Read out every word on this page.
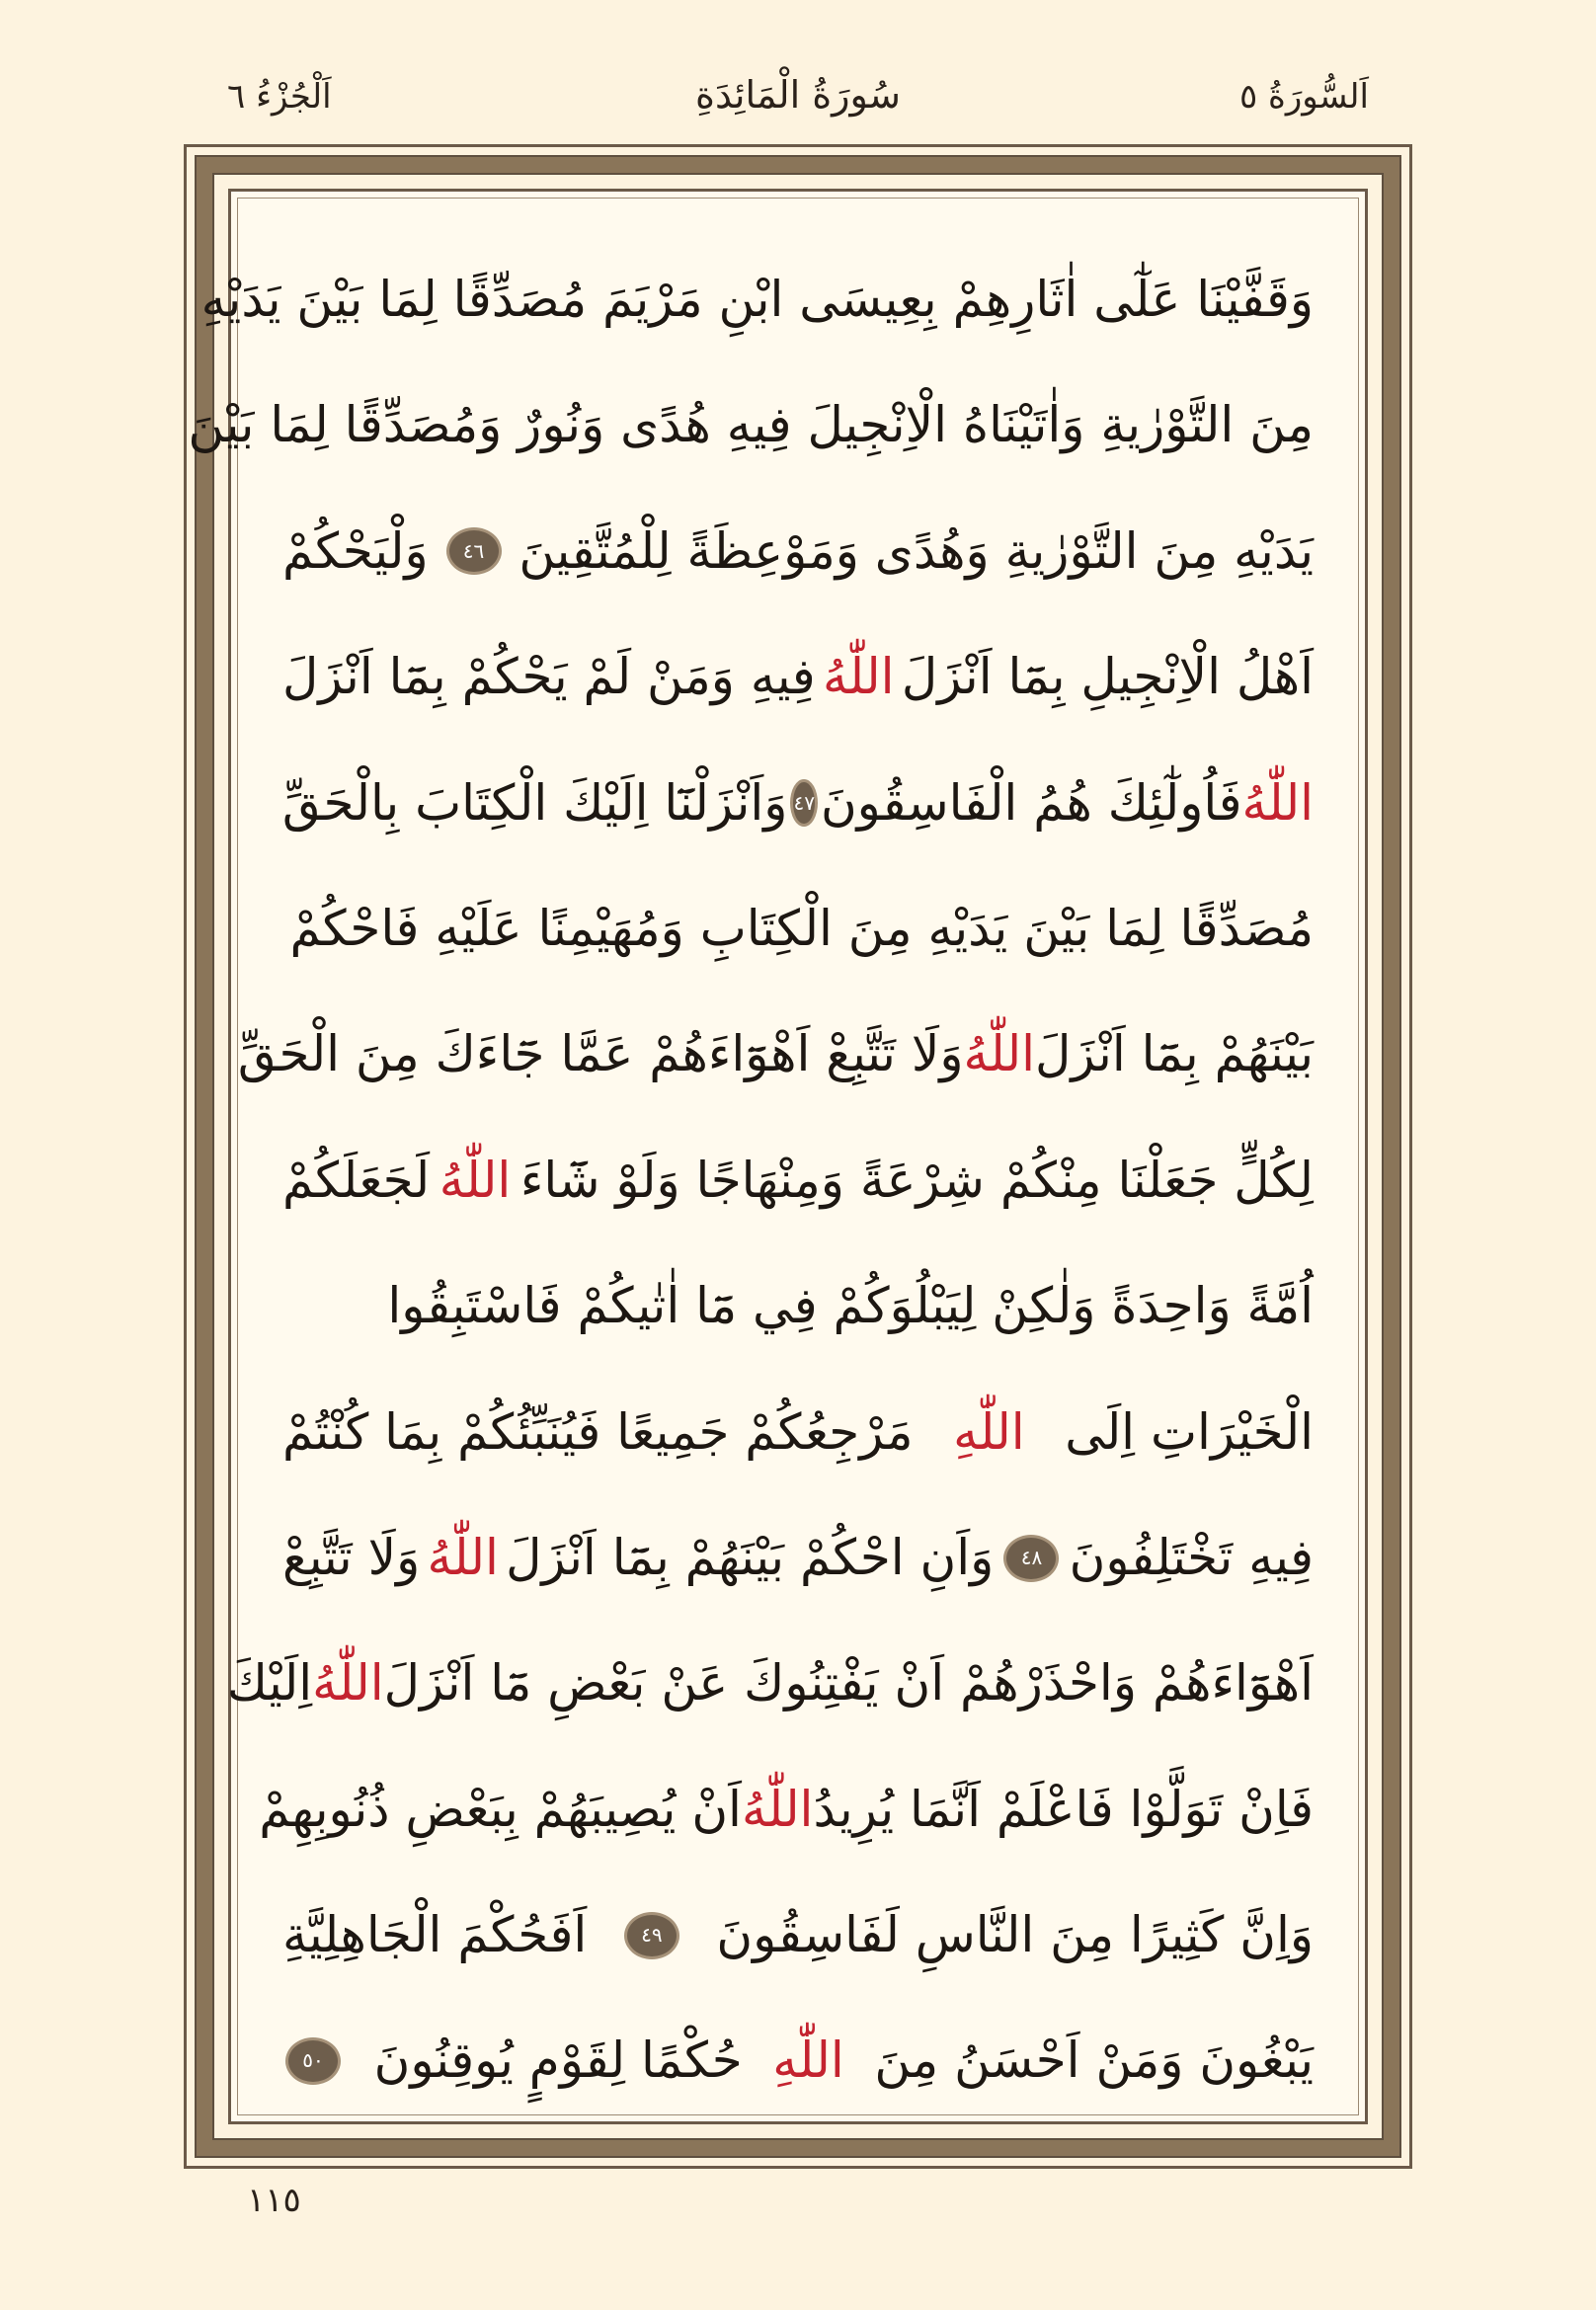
اَلسُّورَةُ ٥
سُورَةُ الْمَائِدَةِ
اَلْجُزْءُ ٦
وَقَفَّيْنَا عَلٰٓى اٰثَارِهِمْ بِعِيسَى ابْنِ مَرْيَمَ مُصَدِّقًا لِمَا بَيْنَ يَدَيْهِ
مِنَ التَّوْرٰيةِ وَاٰتَيْنَاهُ الْاِنْجِيلَ فِيهِ هُدًى وَنُورٌ وَمُصَدِّقًا لِمَا بَيْنَ
يَدَيْهِ مِنَ التَّوْرٰيةِ وَهُدًى وَمَوْعِظَةً لِلْمُتَّقِينَ
٤٦
وَلْيَحْكُمْ
اَهْلُ الْاِنْجِيلِ بِمَٓا اَنْزَلَ
اللّٰهُ
فِيهِ وَمَنْ لَمْ يَحْكُمْ بِمَٓا اَنْزَلَ
اللّٰهُ
فَاُولٰٓئِكَ هُمُ الْفَاسِقُونَ
٤٧
وَاَنْزَلْنَٓا اِلَيْكَ الْكِتَابَ بِالْحَقِّ
مُصَدِّقًا لِمَا بَيْنَ يَدَيْهِ مِنَ الْكِتَابِ وَمُهَيْمِنًا عَلَيْهِ فَاحْكُمْ
بَيْنَهُمْ بِمَٓا اَنْزَلَ
اللّٰهُ
وَلَا تَتَّبِعْ اَهْوَٓاءَهُمْ عَمَّا جَٓاءَكَ مِنَ الْحَقِّ
لِكُلٍّ جَعَلْنَا مِنْكُمْ شِرْعَةً وَمِنْهَاجًا وَلَوْ شَٓاءَ
اللّٰهُ
لَجَعَلَكُمْ
اُمَّةً وَاحِدَةً وَلٰكِنْ لِيَبْلُوَكُمْ فِي مَٓا اٰتٰيكُمْ فَاسْتَبِقُوا
الْخَيْرَاتِ اِلَى
اللّٰهِ
مَرْجِعُكُمْ جَمِيعًا فَيُنَبِّئُكُمْ بِمَا كُنْتُمْ
فِيهِ تَخْتَلِفُونَ
٤٨
وَاَنِ احْكُمْ بَيْنَهُمْ بِمَٓا اَنْزَلَ
اللّٰهُ
وَلَا تَتَّبِعْ
اَهْوَٓاءَهُمْ وَاحْذَرْهُمْ اَنْ يَفْتِنُوكَ عَنْ بَعْضِ مَٓا اَنْزَلَ
اللّٰهُ
اِلَيْكَ
فَاِنْ تَوَلَّوْا فَاعْلَمْ اَنَّمَا يُرِيدُ
اللّٰهُ
اَنْ يُصِيبَهُمْ بِبَعْضِ ذُنُوبِهِمْ
وَاِنَّ كَثِيرًا مِنَ النَّاسِ لَفَاسِقُونَ
٤٩
اَفَحُكْمَ الْجَاهِلِيَّةِ
يَبْغُونَ وَمَنْ اَحْسَنُ مِنَ
اللّٰهِ
حُكْمًا لِقَوْمٍ يُوقِنُونَ
٥٠
١١٥
